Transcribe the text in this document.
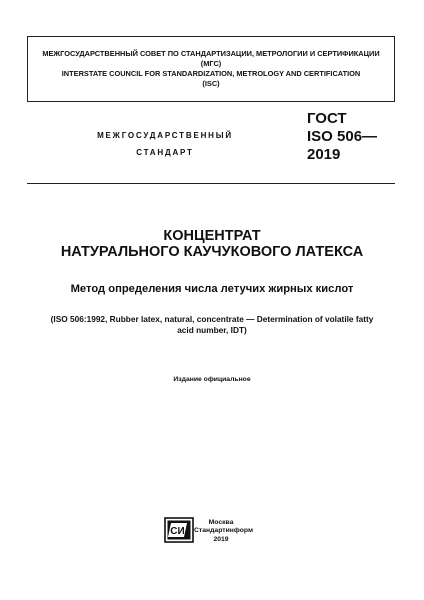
МЕЖГОСУДАРСТВЕННЫЙ СОВЕТ ПО СТАНДАРТИЗАЦИИ, МЕТРОЛОГИИ И СЕРТИФИКАЦИИ
(МГС)
INTERSTATE COUNCIL FOR STANDARDIZATION, METROLOGY AND CERTIFICATION
(ISC)
МЕЖГОСУДАРСТВЕННЫЙ
СТАНДАРТ
ГОСТ
ISO 506—
2019
КОНЦЕНТРАТ
НАТУРАЛЬНОГО КАУЧУКОВОГО ЛАТЕКСА
Метод определения числа летучих жирных кислот
(ISO 506:1992, Rubber latex, natural, concentrate — Determination of volatile fatty
acid number, IDT)
Издание официальное
СИ
Москва
Стандартинформ
2019
